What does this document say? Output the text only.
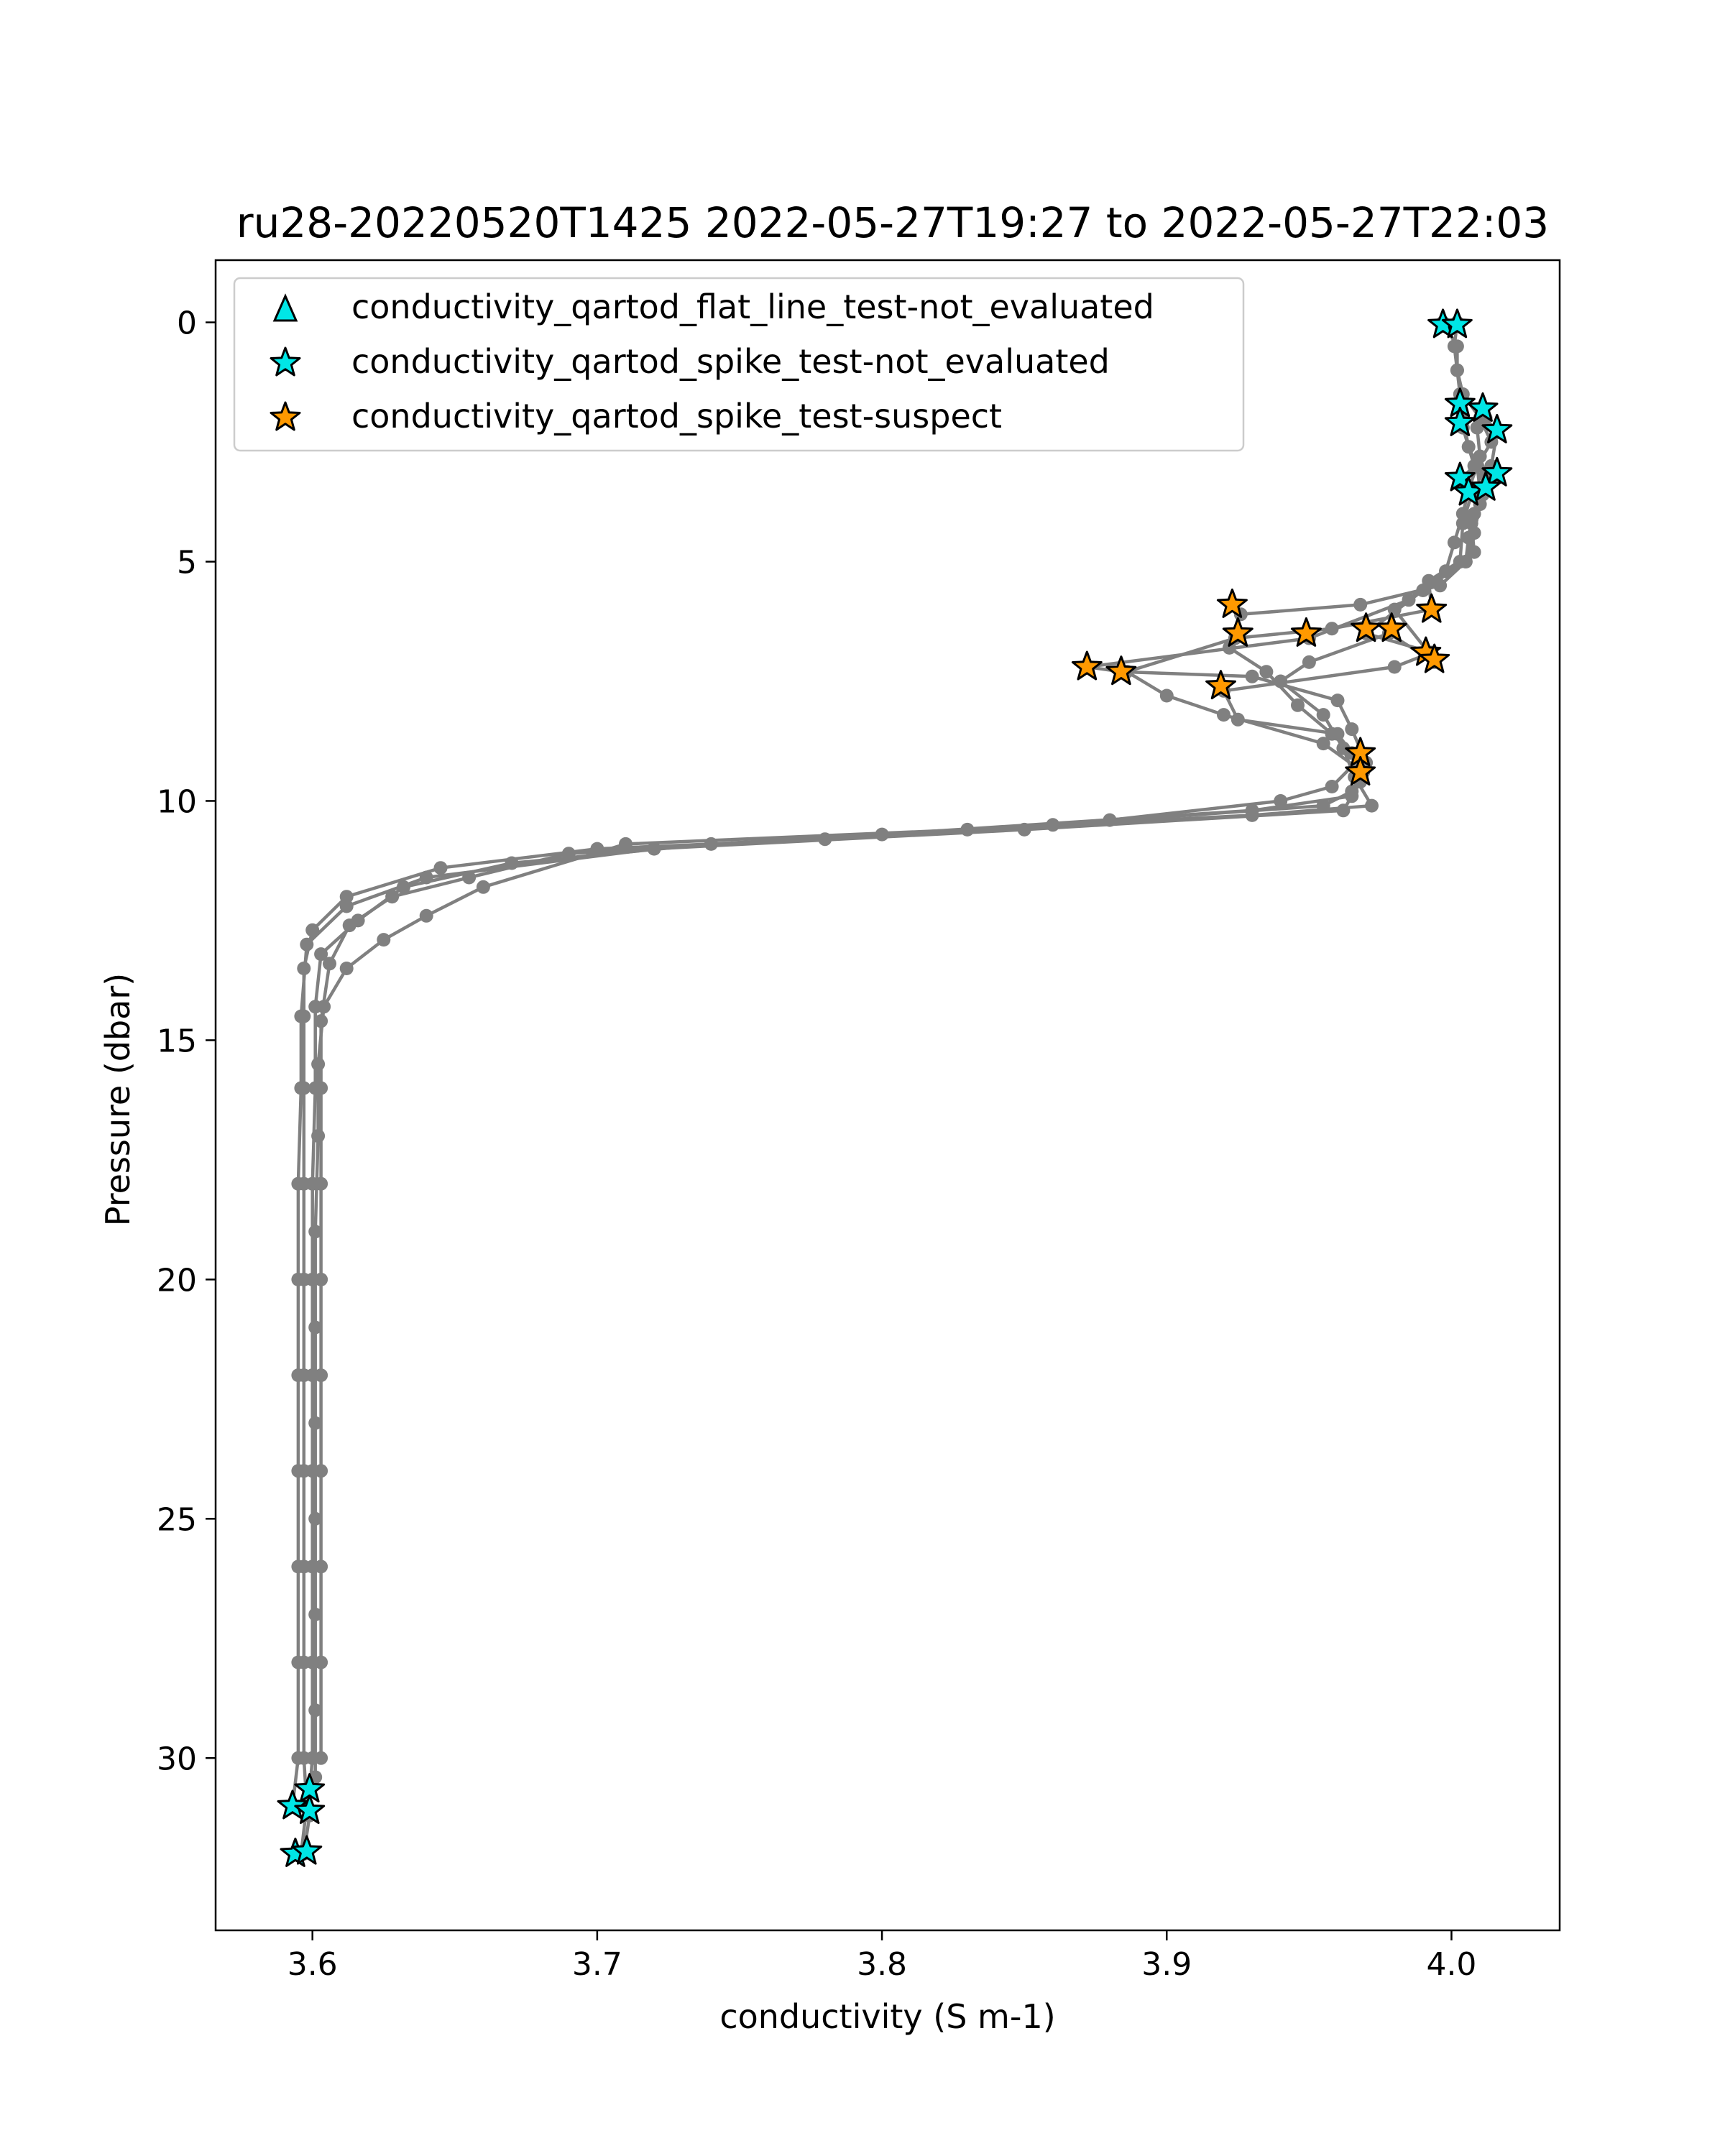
ru28-20220520T1425 2022-05-27T19:27 to 2022-05-27T22:03
3.6	3.7	3.8	3.9	4.0
0
5
10
15
20
25
30
conductivity (S m-1)
Pressure (dbar)
conductivity_qartod_flat_line_test-not_evaluated
conductivity_qartod_spike_test-not_evaluated
conductivity_qartod_spike_test-suspect
